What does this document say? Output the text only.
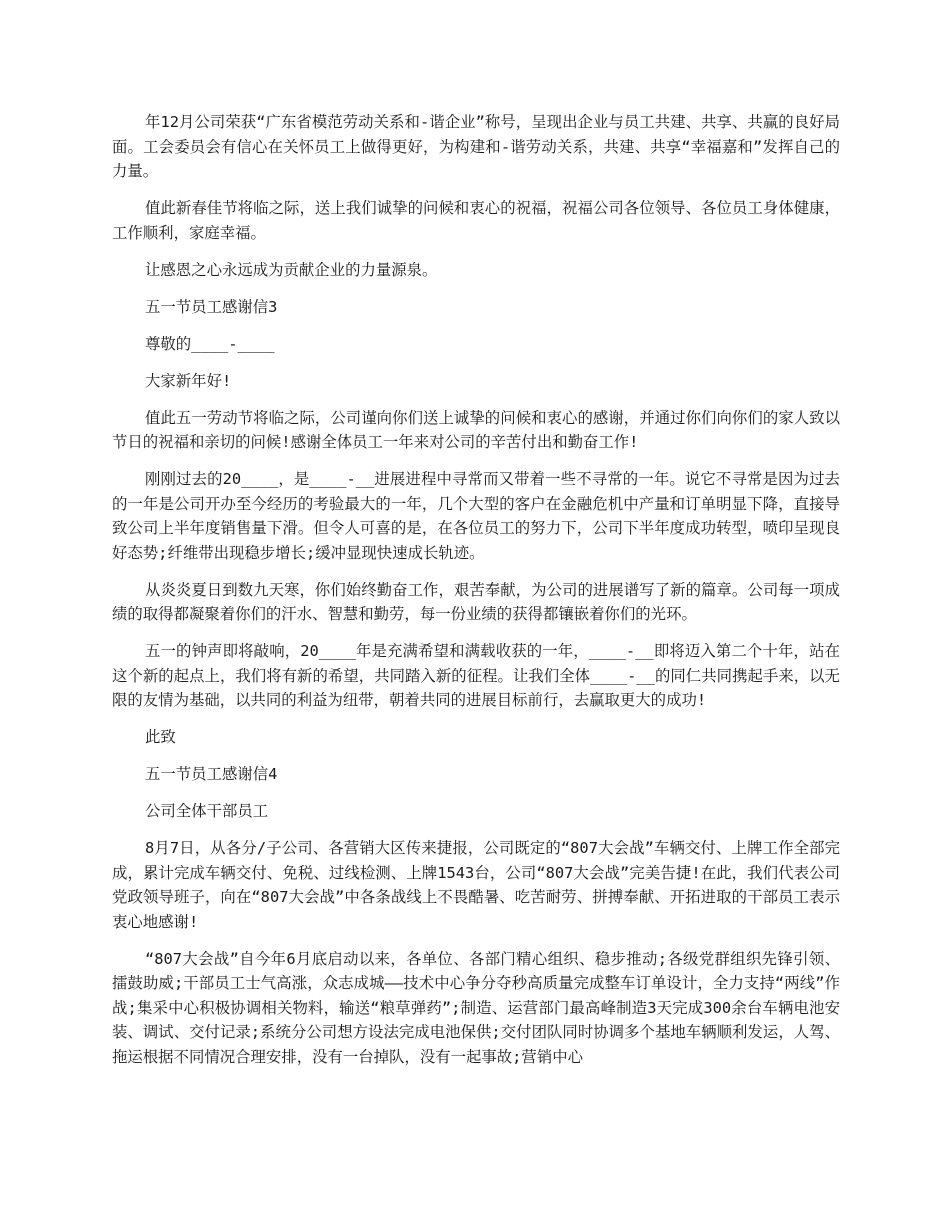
年12月公司荣获“广东省模范劳动关系和-谐企业”称号，呈现出企业与员工共建、共享、共赢的良好局面。工会委员会有信心在关怀员工上做得更好，为构建和-谐劳动关系，共建、共享“幸福嘉和”发挥自己的力量。

值此新春佳节将临之际，送上我们诚挚的问候和衷心的祝福，祝福公司各位领导、各位员工身体健康，工作顺利，家庭幸福。

让感恩之心永远成为贡献企业的力量源泉。

五一节员工感谢信3

尊敬的____-____

大家新年好!

值此五一劳动节将临之际，公司谨向你们送上诚挚的问候和衷心的感谢，并通过你们向你们的家人致以节日的祝福和亲切的问候!感谢全体员工一年来对公司的辛苦付出和勤奋工作!

刚刚过去的20____，是____-__进展进程中寻常而又带着一些不寻常的一年。说它不寻常是因为过去的一年是公司开办至今经历的考验最大的一年，几个大型的客户在金融危机中产量和订单明显下降，直接导致公司上半年度销售量下滑。但令人可喜的是，在各位员工的努力下，公司下半年度成功转型，喷印呈现良好态势;纤维带出现稳步增长;缓冲显现快速成长轨迹。

从炎炎夏日到数九天寒，你们始终勤奋工作，艰苦奉献，为公司的进展谱写了新的篇章。公司每一项成绩的取得都凝聚着你们的汗水、智慧和勤劳，每一份业绩的获得都镶嵌着你们的光环。

五一的钟声即将敲响，20____年是充满希望和满载收获的一年，____-__即将迈入第二个十年，站在这个新的起点上，我们将有新的希望，共同踏入新的征程。让我们全体____-__的同仁共同携起手来，以无限的友情为基础，以共同的利益为纽带，朝着共同的进展目标前行，去赢取更大的成功!

此致

五一节员工感谢信4

公司全体干部员工

8月7日，从各分/子公司、各营销大区传来捷报，公司既定的“807大会战”车辆交付、上牌工作全部完成，累计完成车辆交付、免税、过线检测、上牌1543台，公司“807大会战”完美告捷!在此，我们代表公司党政领导班子，向在“807大会战”中各条战线上不畏酷暑、吃苦耐劳、拼搏奉献、开拓进取的干部员工表示衷心地感谢!

“807大会战”自今年6月底启动以来，各单位、各部门精心组织、稳步推动;各级党群组织先锋引领、擂鼓助威;干部员工士气高涨，众志成城——技术中心争分夺秒高质量完成整车订单设计，全力支持“两线”作战;集采中心积极协调相关物料，输送“粮草弹药”;制造、运营部门最高峰制造3天完成300余台车辆电池安装、调试、交付记录;系统分公司想方设法完成电池保供;交付团队同时协调多个基地车辆顺利发运，人驾、拖运根据不同情况合理安排，没有一台掉队，没有一起事故;营销中心
